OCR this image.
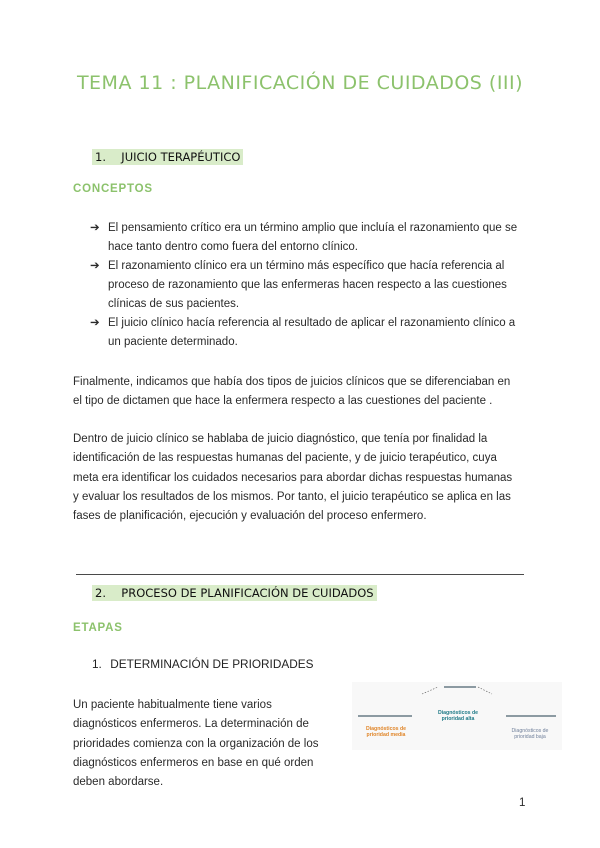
TEMA 11 : PLANIFICACIÓN DE CUIDADOS (III)
1. JUICIO TERAPÉUTICO
CONCEPTOS
➔ El pensamiento crítico era un término amplio que incluía el razonamiento que se hace tanto dentro como fuera del entorno clínico.
➔ El razonamiento clínico era un término más específico que hacía referencia al proceso de razonamiento que las enfermeras hacen respecto a las cuestiones clínicas de sus pacientes.
➔ El juicio clínico hacía referencia al resultado de aplicar el razonamiento clínico a un paciente determinado.
Finalmente, indicamos que había dos tipos de juicios clínicos que se diferenciaban en el tipo de dictamen que hace la enfermera respecto a las cuestiones del paciente .
Dentro de juicio clínico se hablaba de juicio diagnóstico, que tenía por finalidad la identificación de las respuestas humanas del paciente, y de juicio terapéutico, cuya meta era identificar los cuidados necesarios para abordar dichas respuestas humanas y evaluar los resultados de los mismos. Por tanto, el juicio terapéutico se aplica en las fases de planificación, ejecución y evaluación del proceso enfermero.
2. PROCESO DE PLANIFICACIÓN DE CUIDADOS
ETAPAS
1. DETERMINACIÓN DE PRIORIDADES
Un paciente habitualmente tiene varios diagnósticos enfermeros. La determinación de prioridades comienza con la organización de los diagnósticos enfermeros en base en qué orden deben abordarse.
Diagnósticos de prioridad alta
Diagnósticos de prioridad media
Diagnósticos de prioridad baja
1
